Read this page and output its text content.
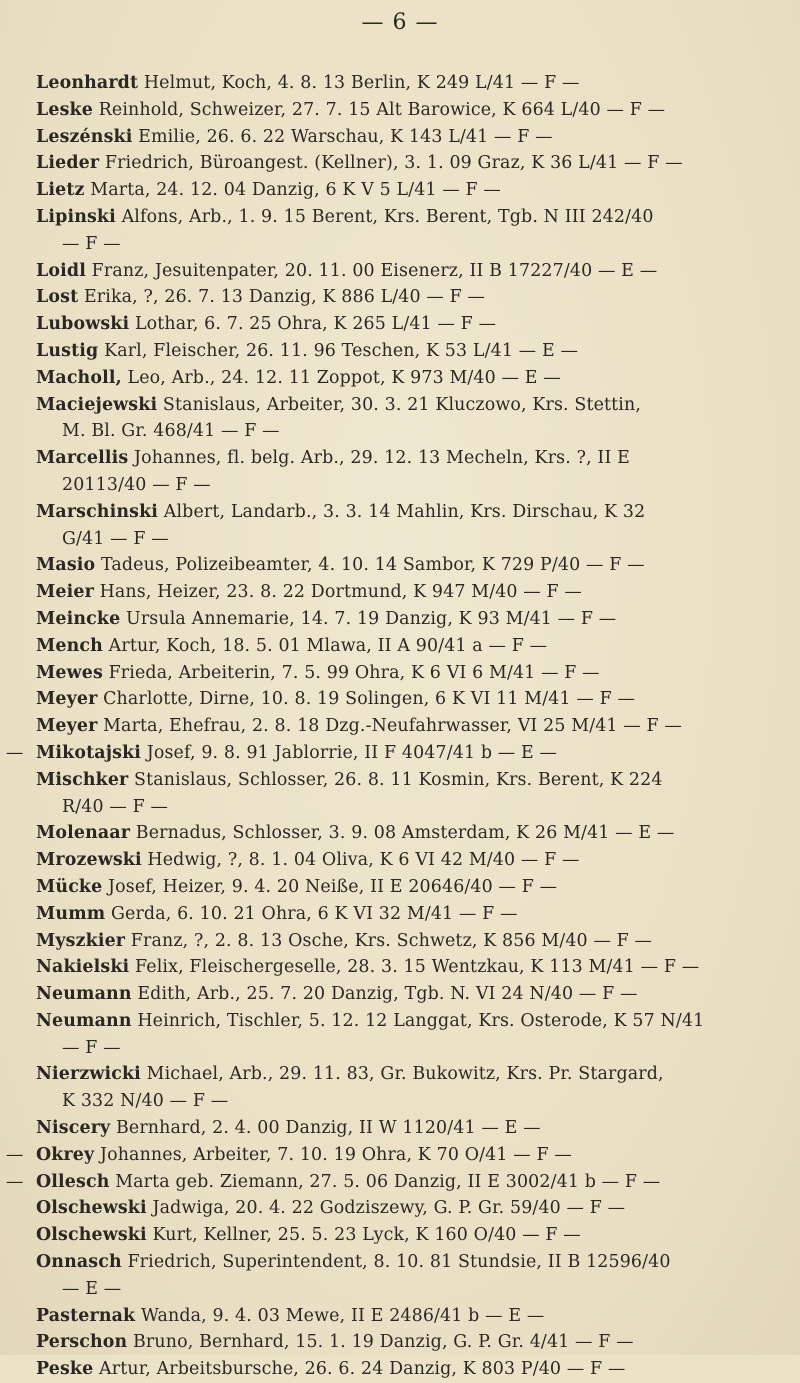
— 6 —
Leonhardt Helmut, Koch, 4. 8. 13 Berlin, K 249 L/41 — F —
Leske Reinhold, Schweizer, 27. 7. 15 Alt Barowice, K 664 L/40 — F —
Leszénski Emilie, 26. 6. 22 Warschau, K 143 L/41 — F —
Lieder Friedrich, Büroangest. (Kellner), 3. 1. 09 Graz, K 36 L/41 — F —
Lietz Marta, 24. 12. 04 Danzig, 6 K V 5 L/41 — F —
Lipinski Alfons, Arb., 1. 9. 15 Berent, Krs. Berent, Tgb. N III 242/40
— F —
Loidl Franz, Jesuitenpater, 20. 11. 00 Eisenerz, II B 17227/40 — E —
Lost Erika, ?, 26. 7. 13 Danzig, K 886 L/40 — F —
Lubowski Lothar, 6. 7. 25 Ohra, K 265 L/41 — F —
Lustig Karl, Fleischer, 26. 11. 96 Teschen, K 53 L/41 — E —
Macholl, Leo, Arb., 24. 12. 11 Zoppot, K 973 M/40 — E —
Maciejewski Stanislaus, Arbeiter, 30. 3. 21 Kluczowo, Krs. Stettin,
M. Bl. Gr. 468/41 — F —
Marcellis Johannes, fl. belg. Arb., 29. 12. 13 Mecheln, Krs. ?, II E
20113/40 — F —
Marschinski Albert, Landarb., 3. 3. 14 Mahlin, Krs. Dirschau, K 32
G/41 — F —
Masio Tadeus, Polizeibeamter, 4. 10. 14 Sambor, K 729 P/40 — F —
Meier Hans, Heizer, 23. 8. 22 Dortmund, K 947 M/40 — F —
Meincke Ursula Annemarie, 14. 7. 19 Danzig, K 93 M/41 — F —
Mench Artur, Koch, 18. 5. 01 Mlawa, II A 90/41 a — F —
Mewes Frieda, Arbeiterin, 7. 5. 99 Ohra, K 6 VI 6 M/41 — F —
Meyer Charlotte, Dirne, 10. 8. 19 Solingen, 6 K VI 11 M/41 — F —
Meyer Marta, Ehefrau, 2. 8. 18 Dzg.-Neufahrwasser, VI 25 M/41 — F —
— Mikotajski Josef, 9. 8. 91 Jablorrie, II F 4047/41 b — E —
Mischker Stanislaus, Schlosser, 26. 8. 11 Kosmin, Krs. Berent, K 224
R/40 — F —
Molenaar Bernadus, Schlosser, 3. 9. 08 Amsterdam, K 26 M/41 — E —
Mrozewski Hedwig, ?, 8. 1. 04 Oliva, K 6 VI 42 M/40 — F —
Mücke Josef, Heizer, 9. 4. 20 Neiße, II E 20646/40 — F —
Mumm Gerda, 6. 10. 21 Ohra, 6 K VI 32 M/41 — F —
Myszkier Franz, ?, 2. 8. 13 Osche, Krs. Schwetz, K 856 M/40 — F —
Nakielski Felix, Fleischergeselle, 28. 3. 15 Wentzkau, K 113 M/41 — F —
Neumann Edith, Arb., 25. 7. 20 Danzig, Tgb. N. VI 24 N/40 — F —
Neumann Heinrich, Tischler, 5. 12. 12 Langgat, Krs. Osterode, K 57 N/41
— F —
Nierzwicki Michael, Arb., 29. 11. 83, Gr. Bukowitz, Krs. Pr. Stargard,
K 332 N/40 — F —
Niscery Bernhard, 2. 4. 00 Danzig, II W 1120/41 — E —
— Okrey Johannes, Arbeiter, 7. 10. 19 Ohra, K 70 O/41 — F —
— Ollesch Marta geb. Ziemann, 27. 5. 06 Danzig, II E 3002/41 b — F —
Olschewski Jadwiga, 20. 4. 22 Godziszewy, G. P. Gr. 59/40 — F —
Olschewski Kurt, Kellner, 25. 5. 23 Lyck, K 160 O/40 — F —
Onnasch Friedrich, Superintendent, 8. 10. 81 Stundsie, II B 12596/40
— E —
Pasternak Wanda, 9. 4. 03 Mewe, II E 2486/41 b — E —
Perschon Bruno, Bernhard, 15. 1. 19 Danzig, G. P. Gr. 4/41 — F —
Peske Artur, Arbeitsbursche, 26. 6. 24 Danzig, K 803 P/40 — F —
